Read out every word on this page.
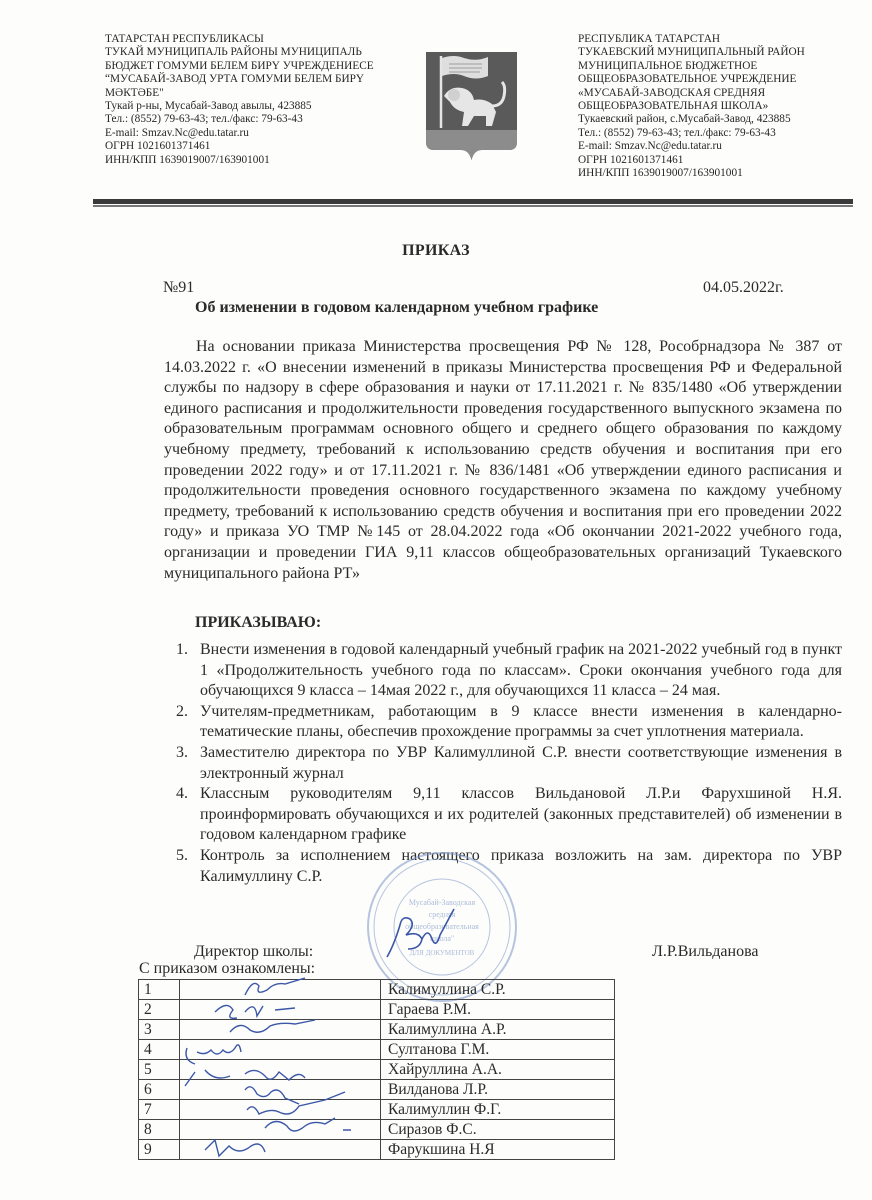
ТАТАРСТАН РЕСПУБЛИКАСЫ
ТУКАЙ МУНИЦИПАЛЬ РАЙОНЫ МУНИЦИПАЛЬ
БЮДЖЕТ ГОМУМИ БЕЛЕМ БИРҮ УЧРЕЖДЕНИЕСЕ
“МУСАБАЙ-ЗАВОД УРТА ГОМУМИ БЕЛЕМ БИРҮ
МӘКТӘБЕ"
Тукай р-ны, Мусабай-Завод авылы, 423885
Тел.: (8552) 79-63-43; тел./факс: 79-63-43
E-mail: Smzav.Nc@edu.tatar.ru
ОГРН 1021601371461
ИНН/КПП 1639019007/163901001
РЕСПУБЛИКА ТАТАРСТАН
ТУКАЕВСКИЙ МУНИЦИПАЛЬНЫЙ РАЙОН
МУНИЦИПАЛЬНОЕ БЮДЖЕТНОЕ
ОБЩЕОБРАЗОВАТЕЛЬНОЕ УЧРЕЖДЕНИЕ
«МУСАБАЙ-ЗАВОДСКАЯ СРЕДНЯЯ
ОБЩЕОБРАЗОВАТЕЛЬНАЯ ШКОЛА»
Тукаевский район, с.Мусабай-Завод, 423885
Тел.: (8552) 79-63-43; тел./факс: 79-63-43
E-mail: Smzav.Nc@edu.tatar.ru
ОГРН 1021601371461
ИНН/КПП 1639019007/163901001
ПРИКАЗ
№91	04.05.2022г.
Об изменении в годовом календарном учебном графике
На основании приказа Министерства просвещения РФ № 128, Рособрнадзора № 387 от 14.03.2022 г. «О внесении изменений в приказы Министерства просвещения РФ и Федеральной службы по надзору в сфере образования и науки от 17.11.2021 г. № 835/1480 «Об утверждении единого расписания и продолжительности проведения государственного выпускного экзамена по образовательным программам основного общего и среднего общего образования по каждому учебному предмету, требований к использованию средств обучения и воспитания при его проведении 2022 году» и от 17.11.2021 г. № 836/1481 «Об утверждении единого расписания и продолжительности проведения основного государственного экзамена по каждому учебному предмету, требований к использованию средств обучения и воспитания при его проведении 2022 году» и приказа УО ТМР №145 от 28.04.2022 года «Об окончании 2021-2022 учебного года, организации и проведении ГИА 9,11 классов общеобразовательных организаций Тукаевского муниципального района РТ»
ПРИКАЗЫВАЮ:
1. Внести изменения в годовой календарный учебный график на 2021-2022 учебный год в пункт 1 «Продолжительность учебного года по классам». Сроки окончания учебного года для обучающихся 9 класса – 14мая 2022 г., для обучающихся 11 класса – 24 мая.
2. Учителям-предметникам, работающим в 9 классе внести изменения в календарно-тематические планы, обеспечив прохождение программы за счет уплотнения материала.
3. Заместителю директора по УВР Калимуллиной С.Р. внести соответствующие изменения в электронный журнал
4. Классным руководителям 9,11 классов Вильдановой Л.Р.и Фарухшиной Н.Я. проинформировать обучающихся и их родителей (законных представителей) об изменении в годовом календарном графике
5. Контроль за исполнением настоящего приказа возложить на зам. директора по УВР Калимуллину С.Р.
Мусабай-Заводская
средняя
общеобразовательная
школа"
ДЛЯ ДОКУМЕНТОВ
Директор школы:	Л.Р.Вильданова
С приказом ознакомлены:
1		Калимуллина С.Р.
2		Гараева Р.М.
3		Калимуллина А.Р.
4		Султанова Г.М.
5		Хайруллина А.А.
6		Вилданова Л.Р.
7		Калимуллин Ф.Г.
8		Сиразов Ф.С.
9		Фарукшина Н.Я
